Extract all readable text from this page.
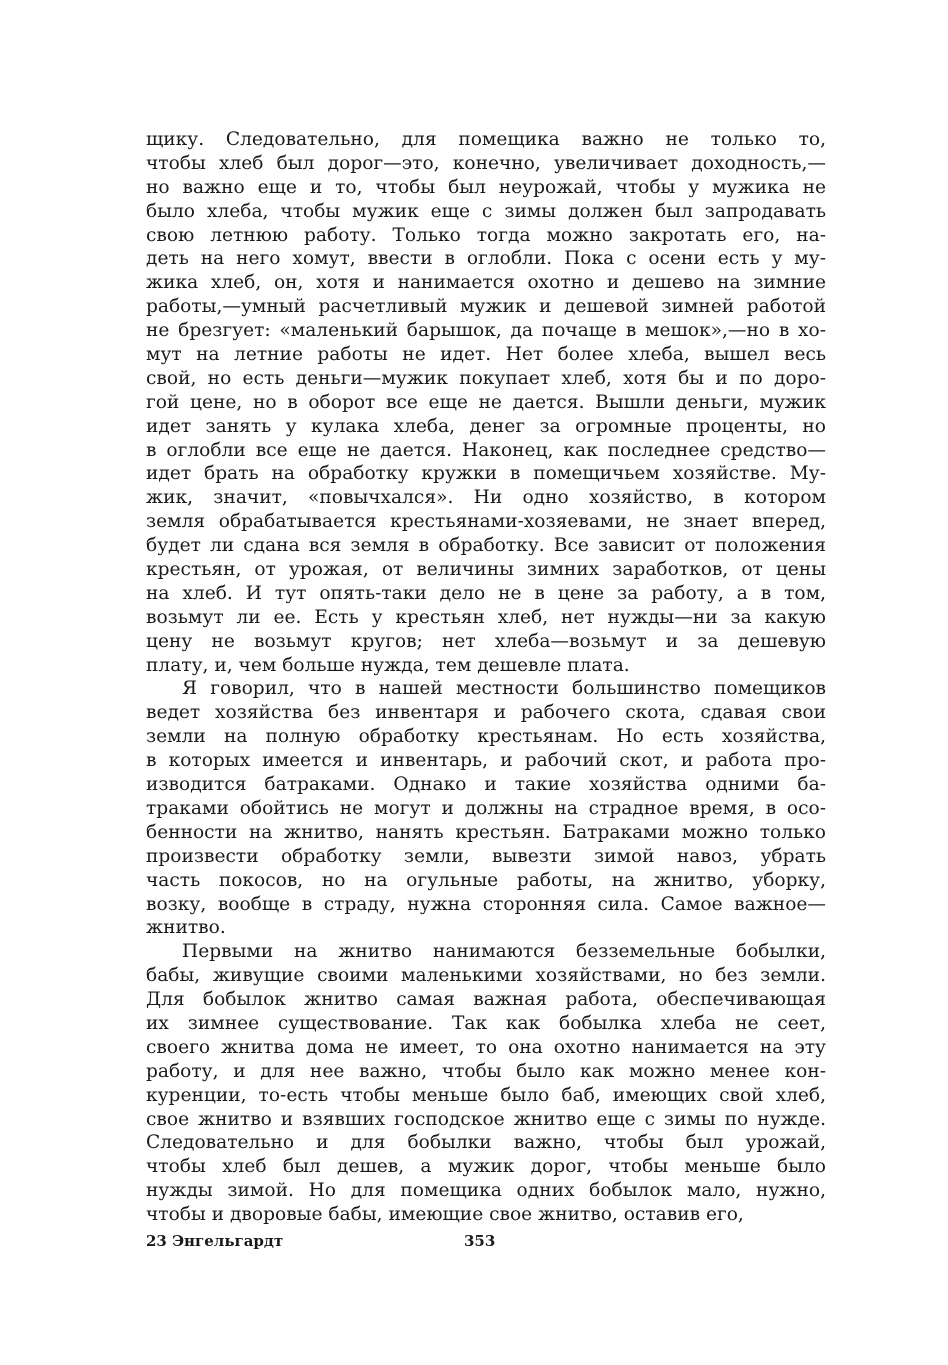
щику. Следовательно, для помещика важно не только то,
чтобы хлеб был дорог—это, конечно, увеличивает доходность,—
но важно еще и то, чтобы был неурожай, чтобы у мужика не
было хлеба, чтобы мужик еще с зимы должен был запродавать
свою летнюю работу. Только тогда можно закротать его, на-
деть на него хомут, ввести в оглобли. Пока с осени есть у му-
жика хлеб, он, хотя и нанимается охотно и дешево на зимние
работы,—умный расчетливый мужик и дешевой зимней работой
не брезгует: «маленький барышок, да почаще в мешок»,—но в хо-
мут на летние работы не идет. Нет более хлеба, вышел весь
свой, но есть деньги—мужик покупает хлеб, хотя бы и по доро-
гой цене, но в оборот все еще не дается. Вышли деньги, мужик
идет занять у кулака хлеба, денег за огромные проценты, но
в оглобли все еще не дается. Наконец, как последнее средство—
идет брать на обработку кружки в помещичьем хозяйстве. Му-
жик, значит, «повычхался». Ни одно хозяйство, в котором
земля обрабатывается крестьянами-хозяевами, не знает вперед,
будет ли сдана вся земля в обработку. Все зависит от положения
крестьян, от урожая, от величины зимних заработков, от цены
на хлеб. И тут опять-таки дело не в цене за работу, а в том,
возьмут ли ее. Есть у крестьян хлеб, нет нужды—ни за какую
цену не возьмут кругов; нет хлеба—возьмут и за дешевую
плату, и, чем больше нужда, тем дешевле плата.
Я говорил, что в нашей местности большинство помещиков
ведет хозяйства без инвентаря и рабочего скота, сдавая свои
земли на полную обработку крестьянам. Но есть хозяйства,
в которых имеется и инвентарь, и рабочий скот, и работа про-
изводится батраками. Однако и такие хозяйства одними ба-
траками обойтись не могут и должны на страдное время, в осо-
бенности на жнитво, нанять крестьян. Батраками можно только
произвести обработку земли, вывезти зимой навоз, убрать
часть покосов, но на огульные работы, на жнитво, уборку,
возку, вообще в страду, нужна сторонняя сила. Самое важное—
жнитво.
Первыми на жнитво нанимаются безземельные бобылки,
бабы, живущие своими маленькими хозяйствами, но без земли.
Для бобылок жнитво самая важная работа, обеспечивающая
их зимнее существование. Так как бобылка хлеба не сеет,
своего жнитва дома не имеет, то она охотно нанимается на эту
работу, и для нее важно, чтобы было как можно менее кон-
куренции, то-есть чтобы меньше было баб, имеющих свой хлеб,
свое жнитво и взявших господское жнитво еще с зимы по нужде.
Следовательно и для бобылки важно, чтобы был урожай,
чтобы хлеб был дешев, а мужик дорог, чтобы меньше было
нужды зимой. Но для помещика одних бобылок мало, нужно,
чтобы и дворовые бабы, имеющие свое жнитво, оставив его,
23 Энгельгардт	353
